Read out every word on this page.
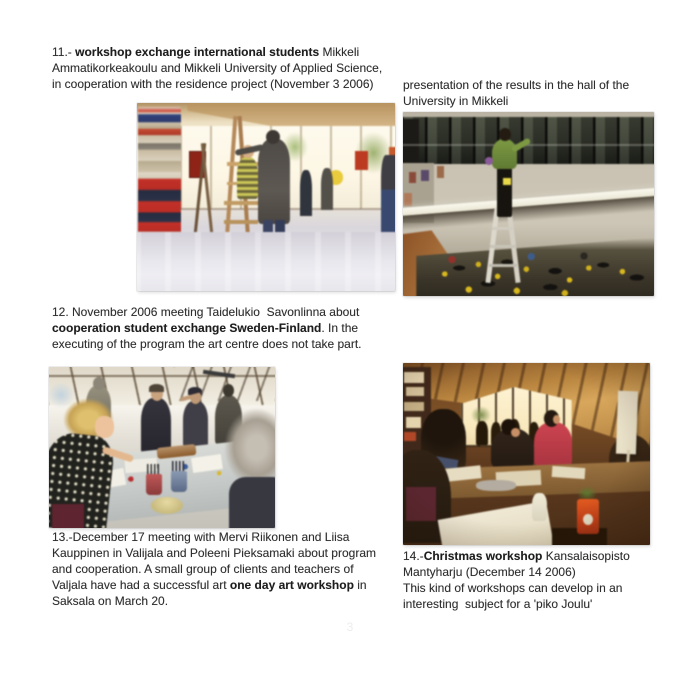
11.- workshop exchange international students Mikkeli Ammatikorkeakoulu and Mikkeli University of Applied Science, in cooperation with the residence project (November 3 2006)	presentation of the results in the hall of the University in Mikkeli

12. November 2006 meeting Taidelukio  Savonlinna about cooperation student exchange Sweden-Finland. In the executing of the program the art centre does not take part.

13.-December 17 meeting with Mervi Riikonen and Liisa Kauppinen in Valijala and Poleeni Pieksamaki about program and cooperation. A small group of clients and teachers of Valjala have had a successful art one day art workshop in Saksala on March 20.

14.-Christmas workshop Kansalaisopisto Mantyharju (December 14 2006)
This kind of workshops can develop in an interesting  subject for a 'piko Joulu'

3
